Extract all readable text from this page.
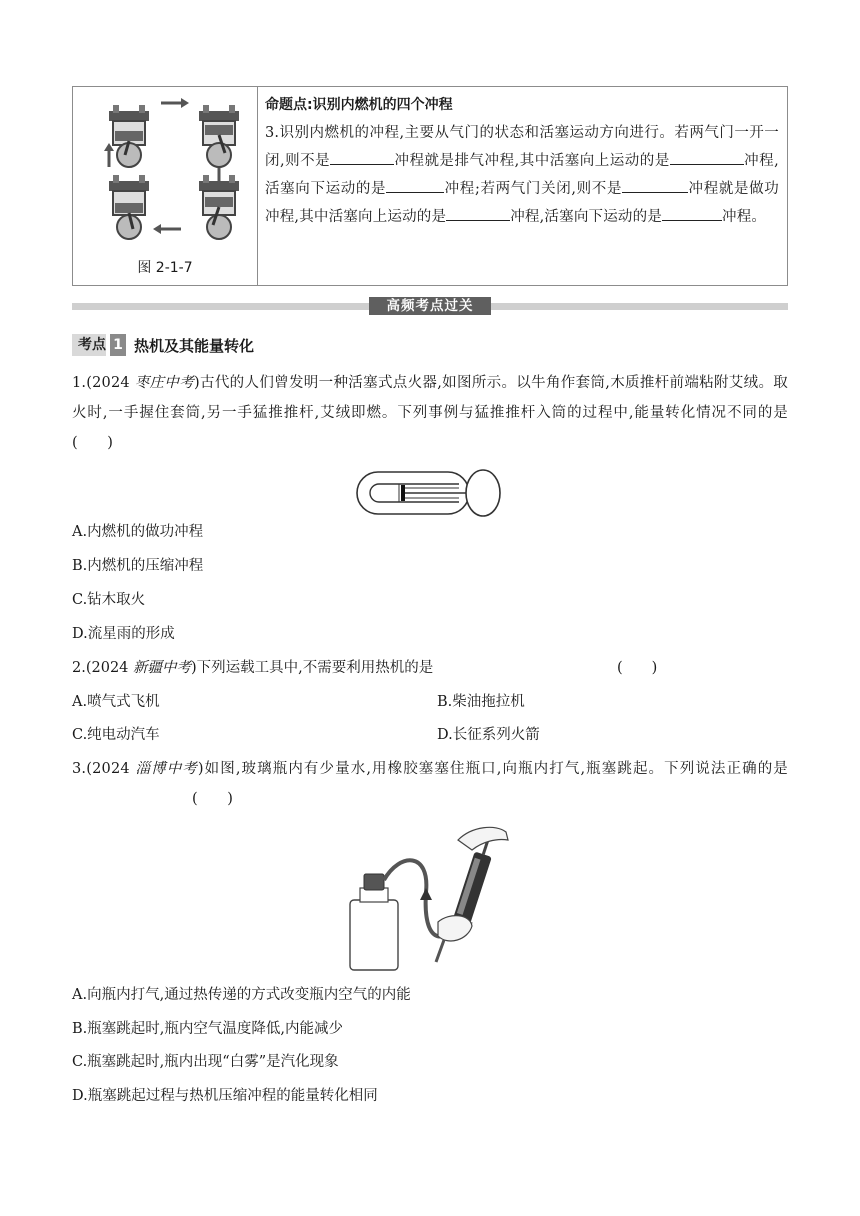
图 2-1-7
命题点:识别内燃机的四个冲程
3.识别内燃机的冲程,主要从气门的状态和活塞运动方向进行。若两气门一开一闭,则不是	冲程就是排气冲程,其中活塞向上运动的是	冲程,活塞向下运动的是	冲程;若两气门关闭,则不是	冲程就是做功冲程,其中活塞向上运动的是	冲程,活塞向下运动的是	冲程。
高频考点过关
考点 1 热机及其能量转化
1.(2024 枣庄中考)古代的人们曾发明一种活塞式点火器,如图所示。以牛角作套筒,木质推杆前端粘附艾绒。取火时,一手握住套筒,另一手猛推推杆,艾绒即燃。下列事例与猛推推杆入筒的过程中,能量转化情况不同的是 (　　)
A.内燃机的做功冲程
B.内燃机的压缩冲程
C.钻木取火
D.流星雨的形成
2.(2024 新疆中考)下列运载工具中,不需要利用热机的是	(　　)
A.喷气式飞机	B.柴油拖拉机
C.纯电动汽车	D.长征系列火箭
3.(2024 淄博中考)如图,玻璃瓶内有少量水,用橡胶塞塞住瓶口,向瓶内打气,瓶塞跳起。下列说法正确的是(　　)
A.向瓶内打气,通过热传递的方式改变瓶内空气的内能
B.瓶塞跳起时,瓶内空气温度降低,内能减少
C.瓶塞跳起时,瓶内出现“白雾”是汽化现象
D.瓶塞跳起过程与热机压缩冲程的能量转化相同
